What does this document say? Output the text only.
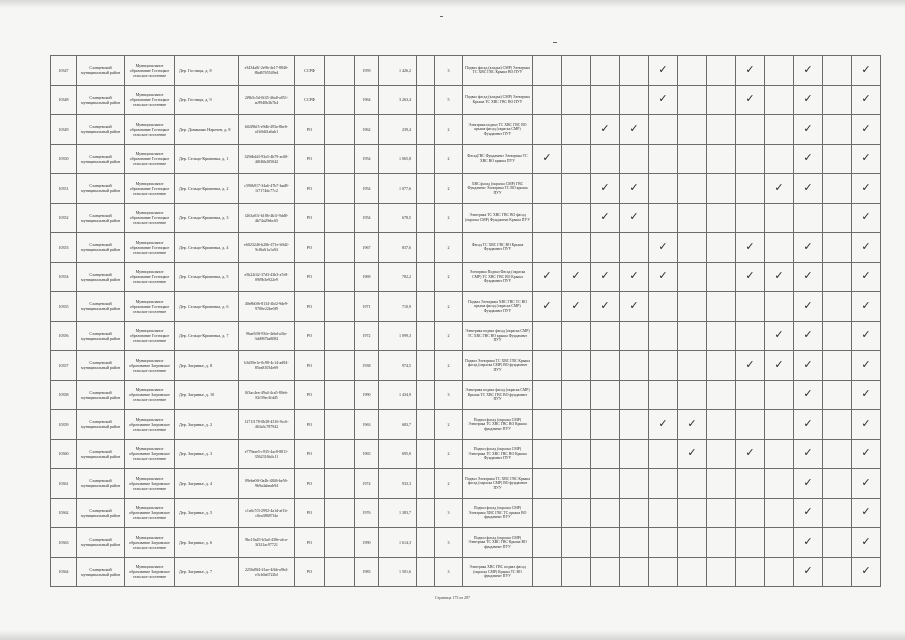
10347	Сланцевский муниципальный район	Муниципальное образование Гостицкое сельское поселение	Дер. Гостицы, д. 8	e3434a0f-2e9b-4e17-8846-8bd6765549e4	ССРФ		1959	1 426,2		3	Подвал фасад (кладка) СМР) Электрика ТС ХВС ГВС Крыша ВО ПУУ					✓			✓		✓		✓
10348	Сланцевский муниципальный район	Муниципальное образование Гостицкое сельское поселение	Дер. Гостицы, д. 9	2f9b5c5d-0f45-46a8-a051-ac9940b3b7b4	ССРФ		1964	3 263,4		5	Подвал фасад (кладка) СМР) Электрика Крыша ТС ХВС ГВС ВО ПУУ					✓			✓		✓		✓
10349	Сланцевский муниципальный район	Муниципальное образование Гостицкое сельское поселение	Дер. Доманино Нарочев, д. 8	b02f9bf3-e9db-493a-8be6-a1b9d41a6ab1	РО		1962	239,4		2	Электрика подвал ТС ХВС ГВС ВО крыша фасад (окраска СМР) Фундамент ПУУ			✓	✓						✓		✓
10350	Сланцевский муниципальный район	Муниципальное образование Гостицкое сельское поселение	Дер. Сельцо-Кримовка, д. 1	329db44f-93a5-4b79-ac68-4f046b205042	РО		1954	1 065,8		2	ФасадГВС Фундамент Электрика ТС ХВС ВО крыша ПУУ	✓									✓		✓
10351	Сланцевский муниципальный район	Муниципальное образование Гостицкое сельское поселение	Дер. Сельцо-Кримовка, д. 2	c590b917-34a6-47b7-bad8-1f7174dc77c2	РО		1954	1 077,6		2	ХВС фасад (окраска СМР) ГВС Фундамент Электрика ТС ВО крыша ПУУ			✓	✓					✓	✓		✓
10352	Сланцевский муниципальный район	Муниципальное образование Гостицкое сельское поселение	Дер. Сельцо-Кримовка, д. 3	f263a01f-b186-4b1f-9dd8-4b74a29ebc65	РО		1954	678,5		2	Электрика ТС ХВС ГВС ВО фасад (окраска СМР) Фундамент Крыша ПУУ			✓	✓								✓
10353	Сланцевский муниципальный район	Муниципальное образование Гостицкое сельское поселение	Дер. Сельцо-Кримовка, д. 4	e6023246-b20b-471e-b9d2-9c8fa61a1a94	РО		1967	837,6		2	Фасад ТС ХВС ГВС ВО Крыша Фундамент ПУУ					✓			✓		✓		✓
10354	Сланцевский муниципальный район	Муниципальное образование Гостицкое сельское поселение	Дер. Сельцо-Кримовка, д. 5	e5b22f42-37d3-43b3-a7e8-09f9b3e922e9	РО		1969	782,2		2	Электрика Подвал Фасад (окраска СМР) ТС ХВС ГВС ВО Крыша Фундамент ПУУ	✓	✓	✓	✓	✓			✓	✓	✓		✓
10355	Сланцевский муниципальный район	Муниципальное образование Гостицкое сельское поселение	Дер. Сельцо-Кримовка, д. 6	40e8b0f6-8134-4bf2-9de9-9786e22be0f9	РО		1971	710,9		2	Подвал Электрика ХВС ГВС ТС ВО крыша фасад (окраска СМР) Фундамент ПУУ	✓	✓	✓	✓						✓		✓
10356	Сланцевский муниципальный район	Муниципальное образование Гостицкое сельское поселение	Дер. Сельцо-Кримовка, д. 7	96ae5f0f-93fe-4ebd-a3fa-3dd967ba8082	РО		1972	1 099,3		2	Электрика подвал фасад (окраска СМР) ТС ХВС ГВС ВО крыша Фундамент ПУУ									✓	✓		✓
10357	Сланцевский муниципальный район	Муниципальное образование Загривское сельское поселение	Дер. Загривье, д. 8	b3d39e1e-0c98-4c14-ad94-85ea81034e69	РО		1938	974,5		2	Подвал Электрика ТС ХВС ГВС Крыша фасад (окраска СМР) ВО фундамент ПУУ								✓	✓	✓		✓
10358	Сланцевский муниципальный район	Муниципальное образование Загривское сельское поселение	Дер. Загривье, д. 10	0f3ac4ea-49a4-4ca5-80eb-82f39ec3fdd5	РО		1990	1 434,9		3	Электрика подвал фасад (окраска СМР) Крыша ТС ХВС ГВС ВО фундамент ПУУ										✓		✓
10359	Сланцевский муниципальный район	Муниципальное образование Загривское сельское поселение	Дер. Загривье, д. 2	1271f178-0b38-4316-9cc6-463a3c787942	РО		1963	683,7		2	Подвал фасад (окраска СМР) Электрика ТС ХВС ГВС ВО Крыша фундамент ПУУ					✓	✓				✓		✓
10360	Сланцевский муниципальный район	Муниципальное образование Загривское сельское поселение	Дер. Загривье, д. 3	e779aae5-c935-4ac8-8811-3562316b4c11	РО		1965	695,0		2	Подвал фасад (окраска СМР) Электрика ТС ХВС ГВС ВО Крыша Фундамент ПУУ						✓		✓		✓		✓
10361	Сланцевский муниципальный район	Муниципальное образование Загривское сельское поселение	Дер. Загривье, д. 4	09ebe0ff-0a4b-4846-be56-9b9a4abeab94	РО		1974	933,3		2	Подвал Электрика ТС ХВС ГВС Крыша фасад (окраска СМР) ВО фундамент ПУУ										✓		✓
10362	Сланцевский муниципальный район	Муниципальное образование Загривское сельское поселение	Дер. Загривье, д. 5	c1a6c7f3-2992-4a1d-af1b-c0ea38687f4a	РО		1976	1 383,7		3	Подвал фасад (окраска СМР) Электрика ХВС ГВС ТС крыша ВО фундамент ПУУ										✓		✓
10363	Сланцевский муниципальный район	Муниципальное образование Загривское сельское поселение	Дер. Загривье, д. 6	9bc10a45-b3a4-438e-afca-3f321ac97721	РО		1990	1 614,3		3	Подвал фасад (окраска СМР) Электрика ТС ХВС ГВС Крыша ВО фундамент ПУУ										✓		✓
10364	Сланцевский муниципальный район	Муниципальное образование Загривское сельское поселение	Дер. Загривье, д. 7	2256d9f4-41ae-4fbb-a9b4-e3cb0a6722bf	РО		1983	1 501,6		3	Электрика ХВС ГВС подвал фасад (окраска СМР) Крыша ТС ВО фундамент ПУУ										✓		✓
Страница 175 из 287
